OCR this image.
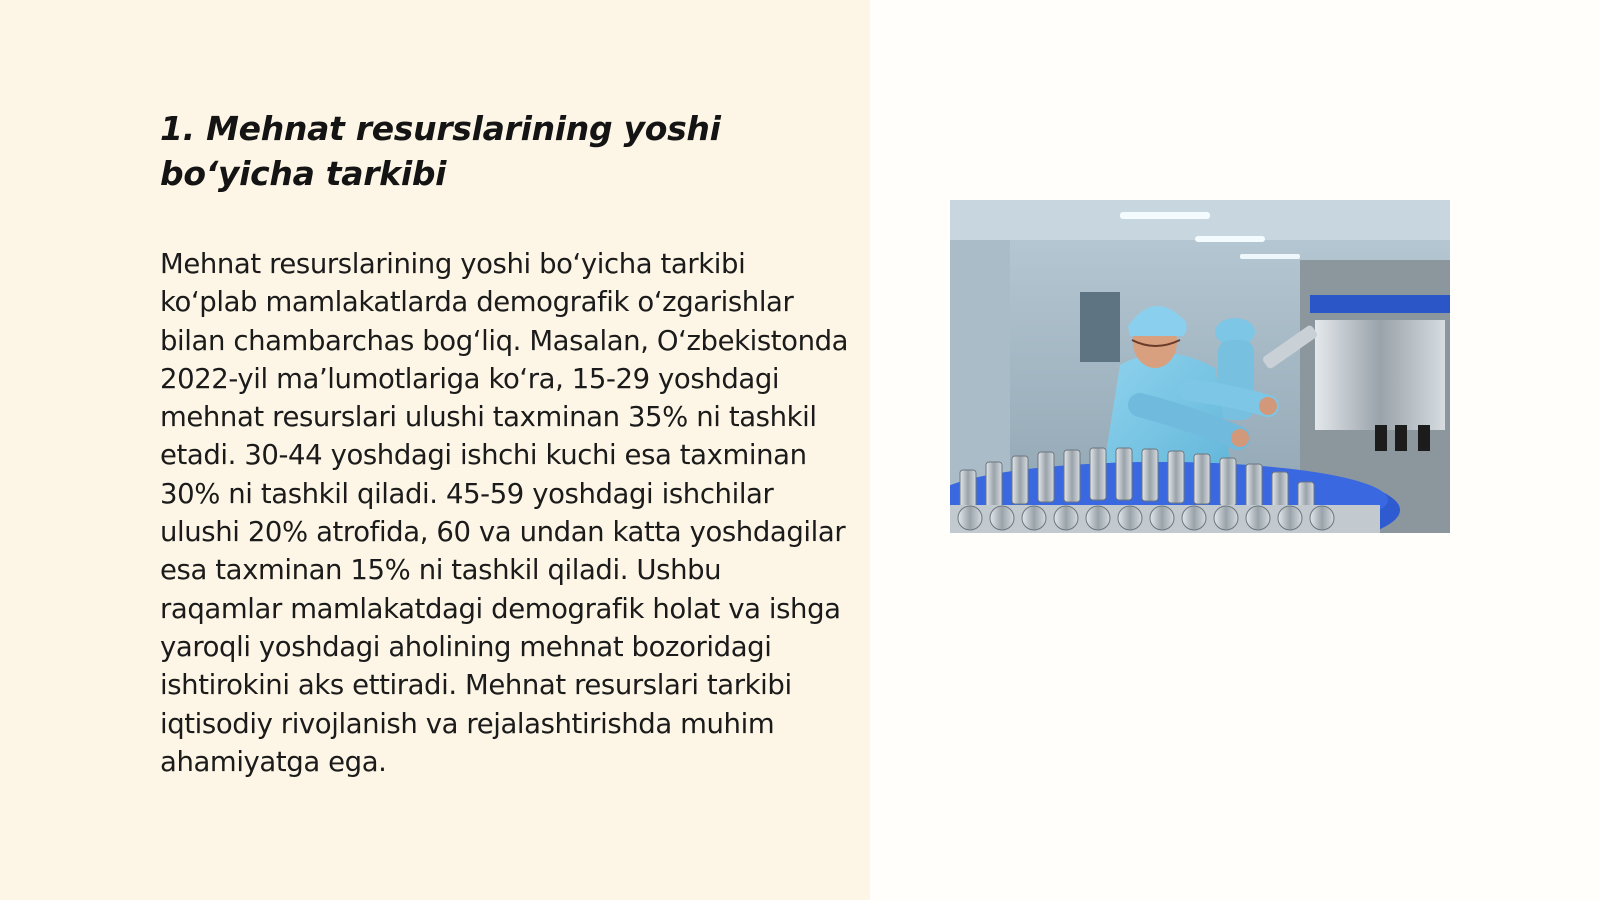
1. Mehnat resurslarining yoshi bo‘yicha tarkibi

Mehnat resurslarining yoshi bo‘yicha tarkibi ko‘plab mamlakatlarda demografik o‘zgarishlar bilan chambarchas bog‘liq. Masalan, O‘zbekistonda 2022-yil ma’lumotlariga ko‘ra, 15-29 yoshdagi mehnat resurslari ulushi taxminan 35% ni tashkil etadi. 30-44 yoshdagi ishchi kuchi esa taxminan 30% ni tashkil qiladi. 45-59 yoshdagi ishchilar ulushi 20% atrofida, 60 va undan katta yoshdagilar esa taxminan 15% ni tashkil qiladi. Ushbu raqamlar mamlakatdagi demografik holat va ishga yaroqli yoshdagi aholining mehnat bozoridagi ishtirokini aks ettiradi. Mehnat resurslari tarkibi iqtisodiy rivojlanish va rejalashtirishda muhim ahamiyatga ega.
